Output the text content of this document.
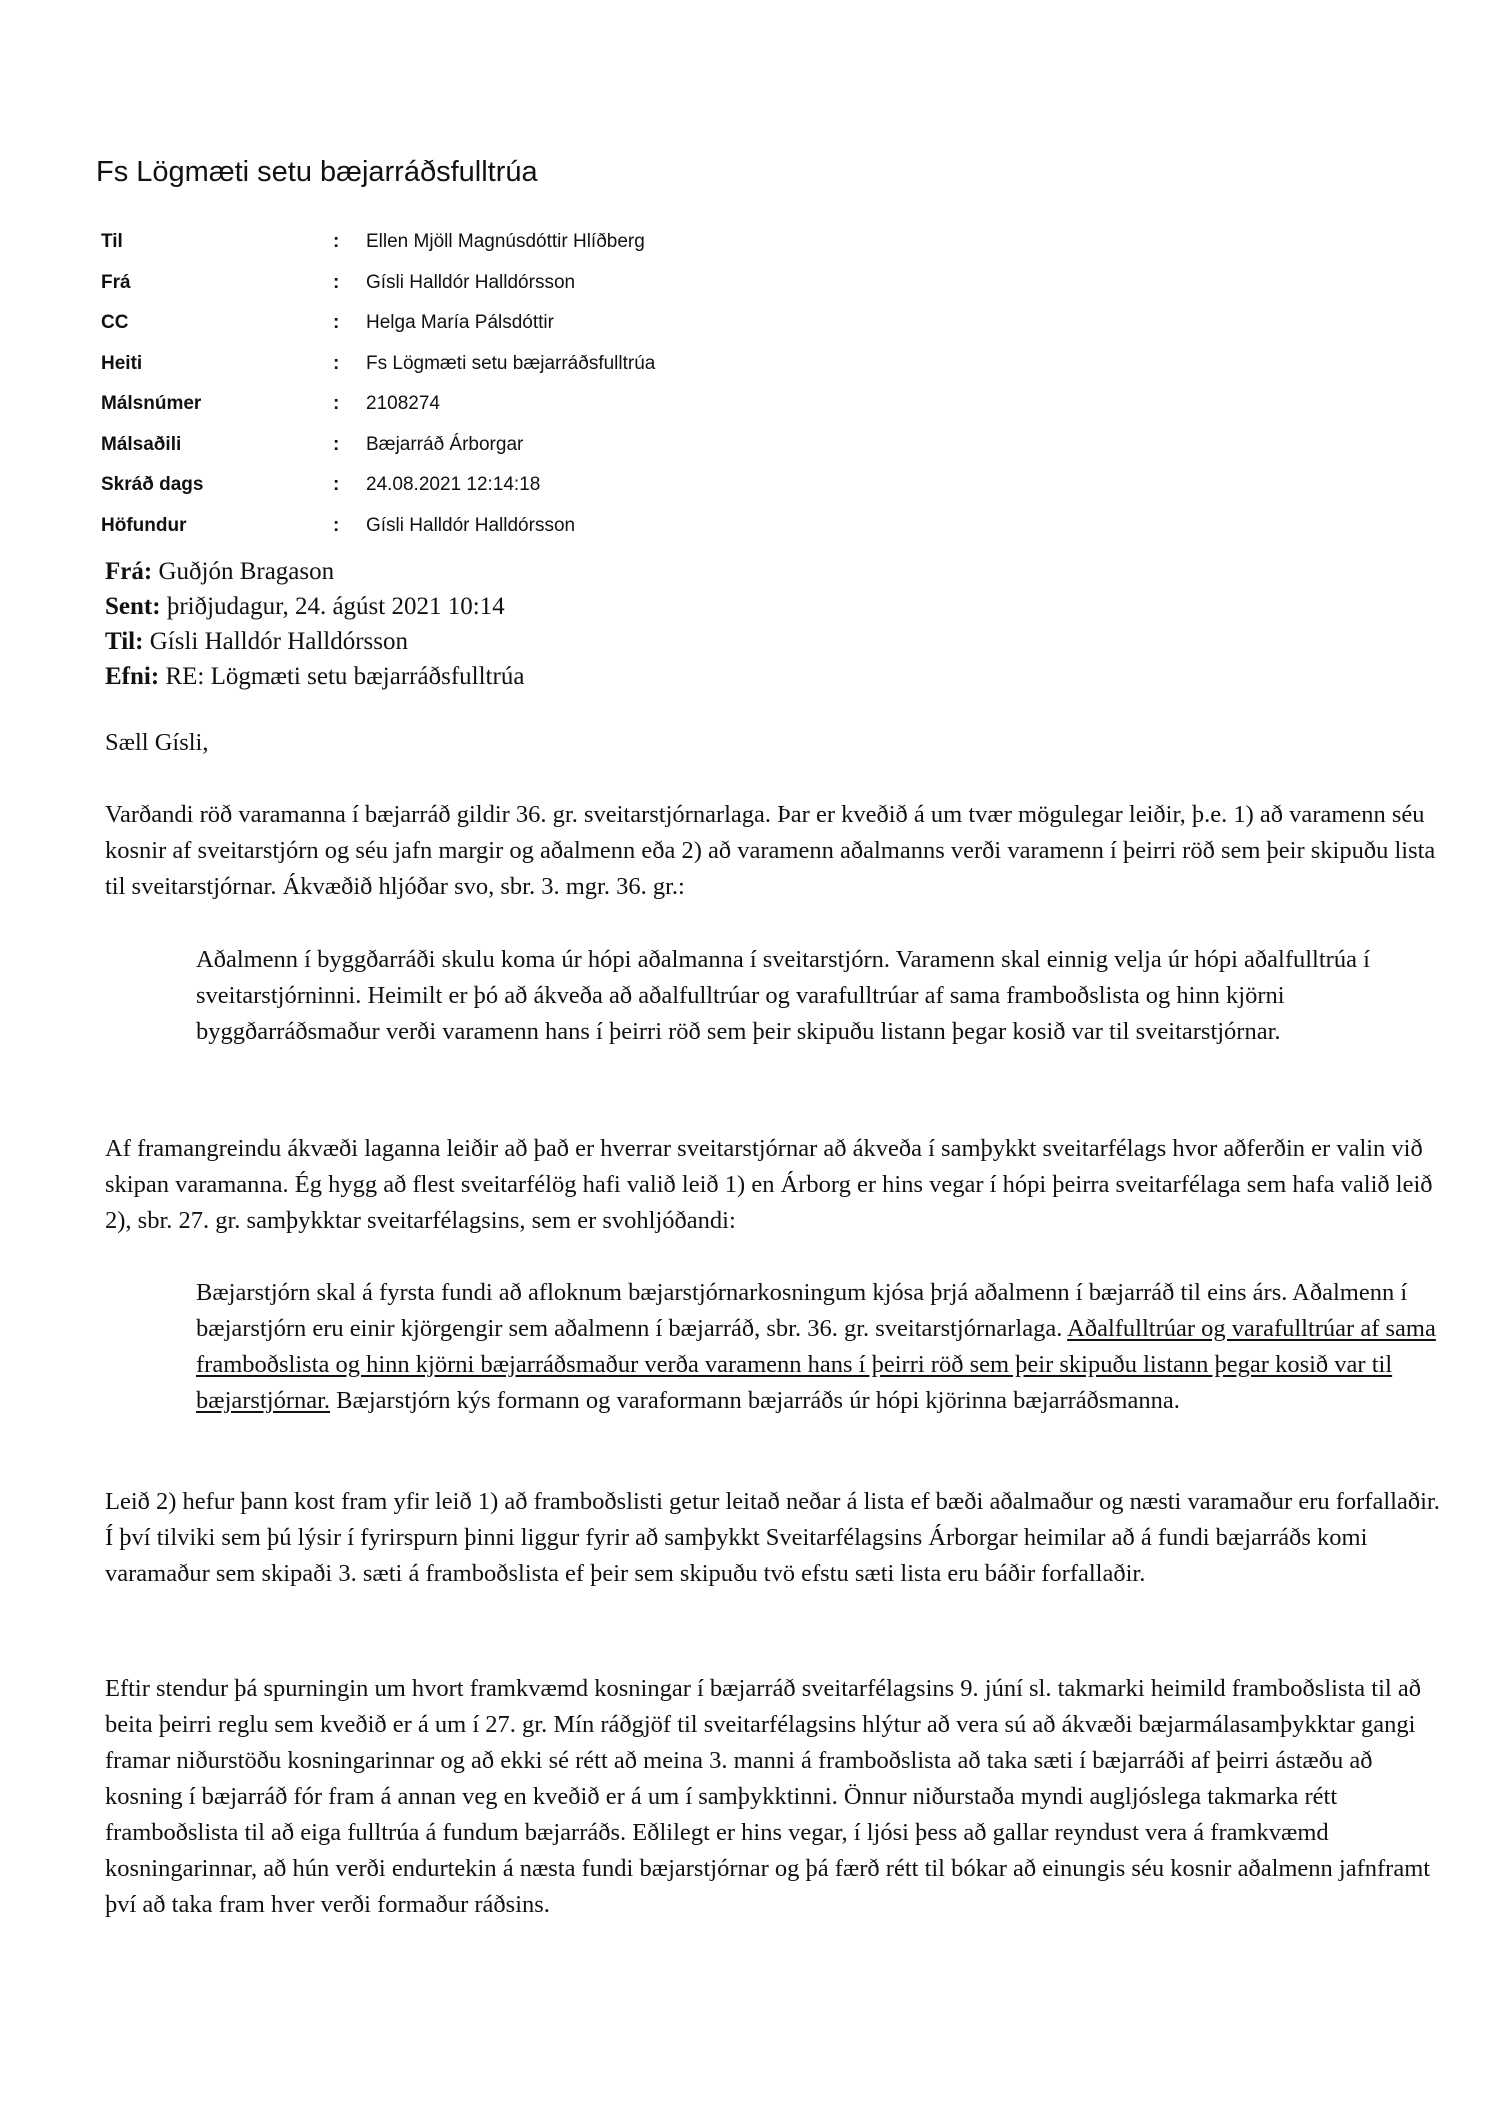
Fs Lögmæti setu bæjarráðsfulltrúa
Til	:	Ellen Mjöll Magnúsdóttir Hlíðberg
Frá	:	Gísli Halldór Halldórsson
CC	:	Helga María Pálsdóttir
Heiti	:	Fs Lögmæti setu bæjarráðsfulltrúa
Málsnúmer	:	2108274
Málsaðili	:	Bæjarráð Árborgar
Skráð dags	:	24.08.2021 12:14:18
Höfundur	:	Gísli Halldór Halldórsson
Frá: Guðjón Bragason
Sent: þriðjudagur, 24. ágúst 2021 10:14
Til: Gísli Halldór Halldórsson
Efni: RE: Lögmæti setu bæjarráðsfulltrúa

Sæll Gísli,

Varðandi röð varamanna í bæjarráð gildir 36. gr. sveitarstjórnarlaga. Þar er kveðið á um tvær mögulegar leiðir, þ.e. 1) að varamenn séu kosnir af sveitarstjórn og séu jafn margir og aðalmenn eða 2) að varamenn aðalmanns verði varamenn í þeirri röð sem þeir skipuðu lista til sveitarstjórnar. Ákvæðið hljóðar svo, sbr. 3. mgr. 36. gr.:

Aðalmenn í byggðarráði skulu koma úr hópi aðalmanna í sveitarstjórn. Varamenn skal einnig velja úr hópi aðalfulltrúa í sveitarstjórninni. Heimilt er þó að ákveða að aðalfulltrúar og varafulltrúar af sama framboðslista og hinn kjörni byggðarráðsmaður verði varamenn hans í þeirri röð sem þeir skipuðu listann þegar kosið var til sveitarstjórnar.

Af framangreindu ákvæði laganna leiðir að það er hverrar sveitarstjórnar að ákveða í samþykkt sveitarfélags hvor aðferðin er valin við skipan varamanna. Ég hygg að flest sveitarfélög hafi valið leið 1) en Árborg er hins vegar í hópi þeirra sveitarfélaga sem hafa valið leið 2), sbr. 27. gr. samþykktar sveitarfélagsins, sem er svohljóðandi:

Bæjarstjórn skal á fyrsta fundi að afloknum bæjarstjórnarkosningum kjósa þrjá aðalmenn í bæjarráð til eins árs. Aðalmenn í bæjarstjórn eru einir kjörgengir sem aðalmenn í bæjarráð, sbr. 36. gr. sveitarstjórnarlaga. Aðalfulltrúar og varafulltrúar af sama framboðslista og hinn kjörni bæjarráðsmaður verða varamenn hans í þeirri röð sem þeir skipuðu listann þegar kosið var til bæjarstjórnar. Bæjarstjórn kýs formann og varaformann bæjarráðs úr hópi kjörinna bæjarráðsmanna.

Leið 2) hefur þann kost fram yfir leið 1) að framboðslisti getur leitað neðar á lista ef bæði aðalmaður og næsti varamaður eru forfallaðir. Í því tilviki sem þú lýsir í fyrirspurn þinni liggur fyrir að samþykkt Sveitarfélagsins Árborgar heimilar að á fundi bæjarráðs komi varamaður sem skipaði 3. sæti á framboðslista ef þeir sem skipuðu tvö efstu sæti lista eru báðir forfallaðir.

Eftir stendur þá spurningin um hvort framkvæmd kosningar í bæjarráð sveitarfélagsins 9. júní sl. takmarki heimild framboðslista til að beita þeirri reglu sem kveðið er á um í 27. gr. Mín ráðgjöf til sveitarfélagsins hlýtur að vera sú að ákvæði bæjarmálasamþykktar gangi framar niðurstöðu kosningarinnar og að ekki sé rétt að meina 3. manni á framboðslista að taka sæti í bæjarráði af þeirri ástæðu að kosning í bæjarráð fór fram á annan veg en kveðið er á um í samþykktinni. Önnur niðurstaða myndi augljóslega takmarka rétt framboðslista til að eiga fulltrúa á fundum bæjarráðs. Eðlilegt er hins vegar, í ljósi þess að gallar reyndust vera á framkvæmd kosningarinnar, að hún verði endurtekin á næsta fundi bæjarstjórnar og þá færð rétt til bókar að einungis séu kosnir aðalmenn jafnframt því að taka fram hver verði formaður ráðsins.
